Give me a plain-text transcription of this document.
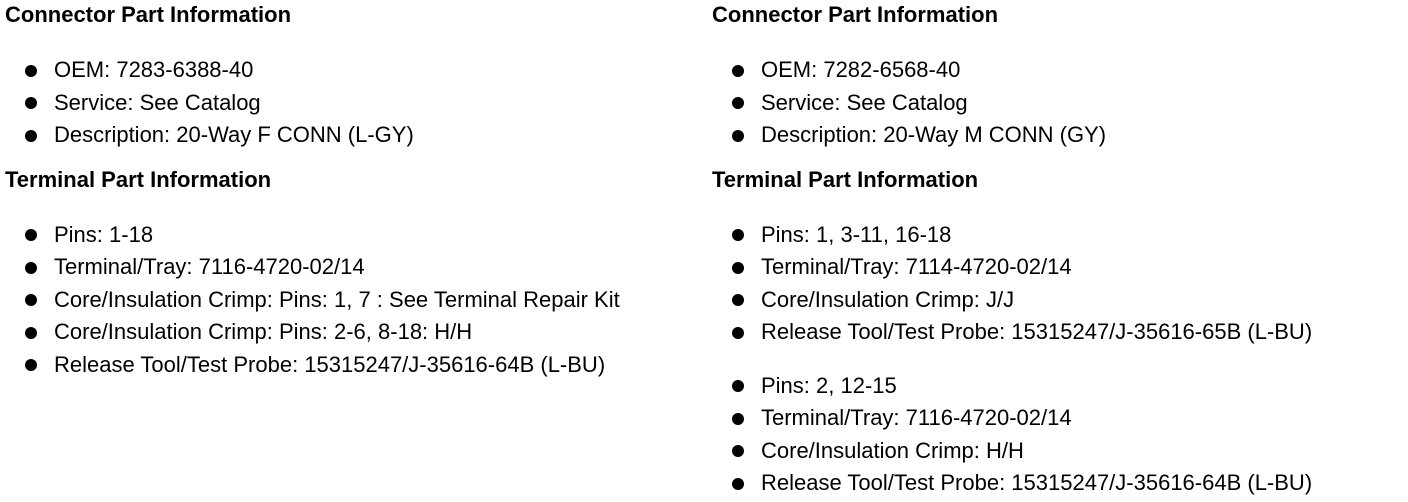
Connector Part Information
OEM: 7283-6388-40
Service: See Catalog
Description: 20-Way F CONN (L-GY)
Terminal Part Information
Pins: 1-18
Terminal/Tray: 7116-4720-02/14
Core/Insulation Crimp: Pins: 1, 7 : See Terminal Repair Kit
Core/Insulation Crimp: Pins: 2-6, 8-18: H/H
Release Tool/Test Probe: 15315247/J-35616-64B (L-BU)
Connector Part Information
OEM: 7282-6568-40
Service: See Catalog
Description: 20-Way M CONN (GY)
Terminal Part Information
Pins: 1, 3-11, 16-18
Terminal/Tray: 7114-4720-02/14
Core/Insulation Crimp: J/J
Release Tool/Test Probe: 15315247/J-35616-65B (L-BU)
Pins: 2, 12-15
Terminal/Tray: 7116-4720-02/14
Core/Insulation Crimp: H/H
Release Tool/Test Probe: 15315247/J-35616-64B (L-BU)
